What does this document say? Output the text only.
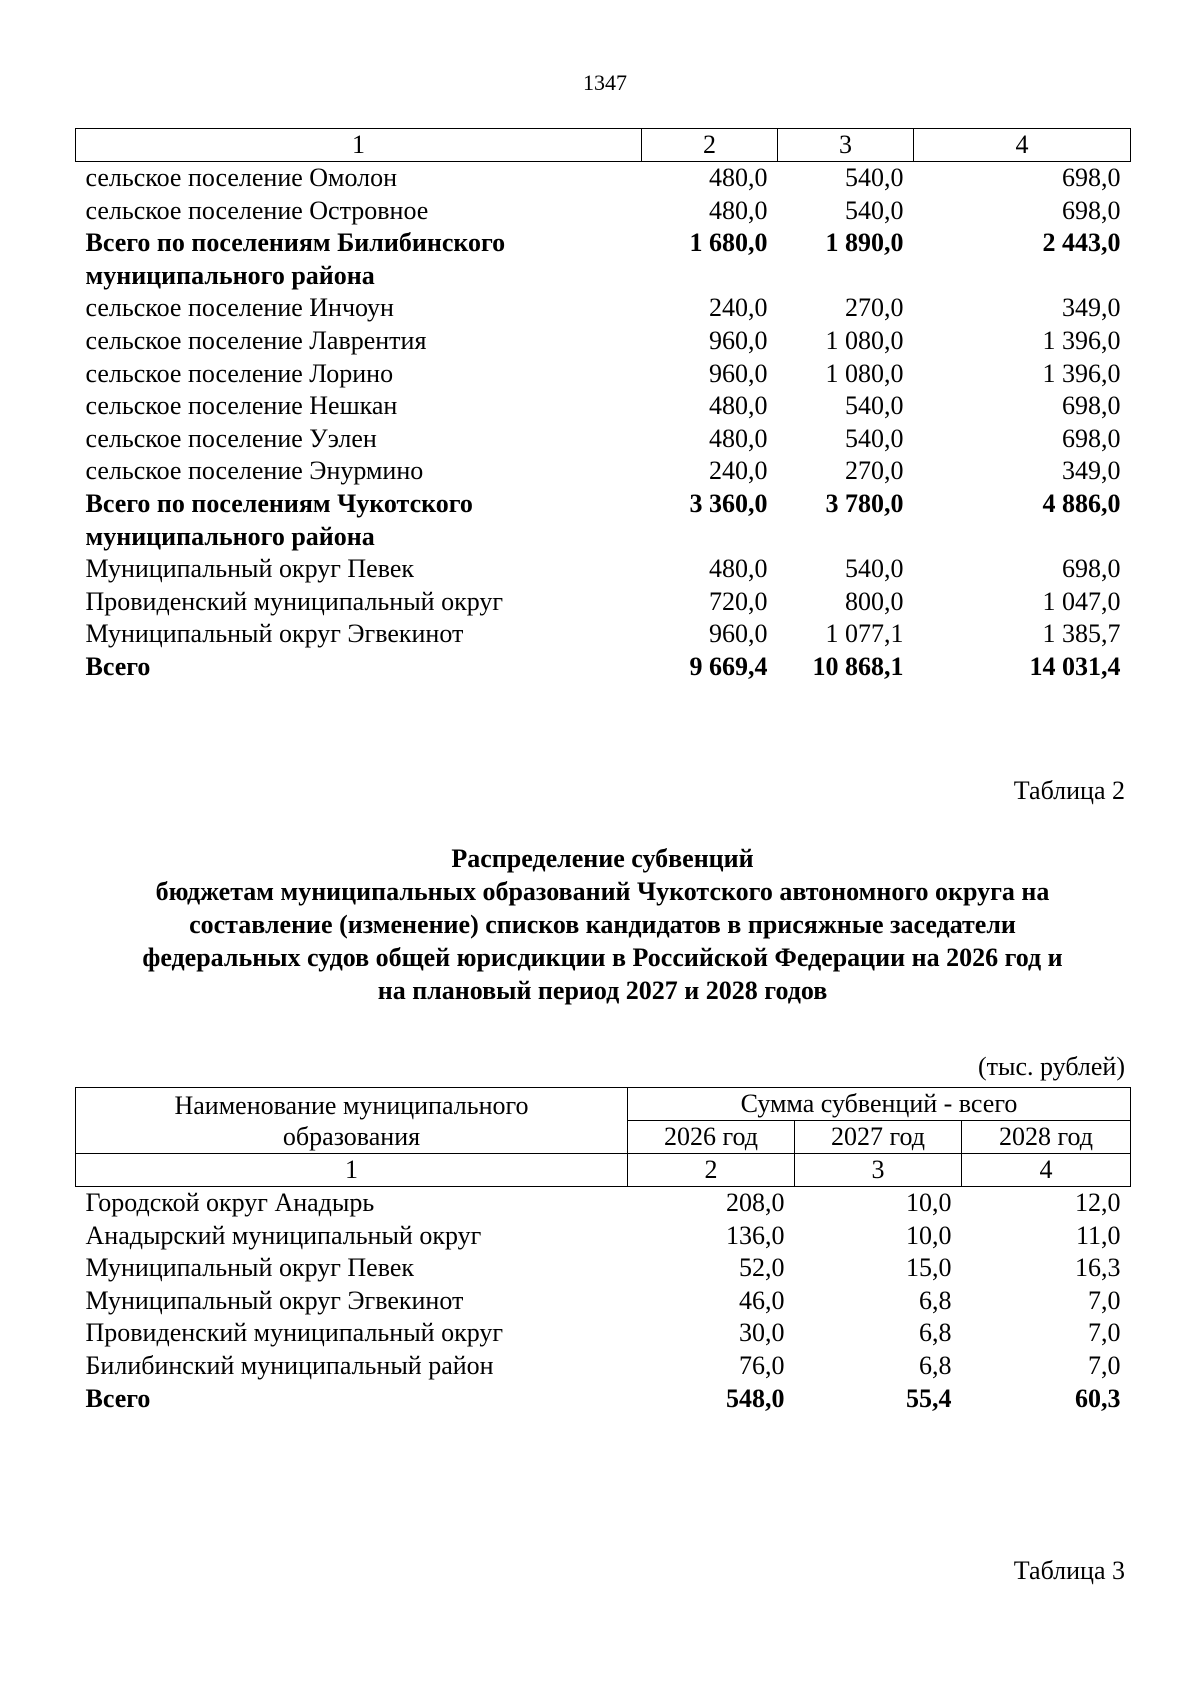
1347
1	2	3	4
сельское поселение Омолон	480,0	540,0	698,0
сельское поселение Островное	480,0	540,0	698,0
Всего по поселениям Билибинского муниципального района	1 680,0	1 890,0	2 443,0
сельское поселение Инчоун	240,0	270,0	349,0
сельское поселение Лаврентия	960,0	1 080,0	1 396,0
сельское поселение Лорино	960,0	1 080,0	1 396,0
сельское поселение Нешкан	480,0	540,0	698,0
сельское поселение Уэлен	480,0	540,0	698,0
сельское поселение Энурмино	240,0	270,0	349,0
Всего по поселениям Чукотского муниципального района	3 360,0	3 780,0	4 886,0
Муниципальный округ Певек	480,0	540,0	698,0
Провиденский муниципальный округ	720,0	800,0	1 047,0
Муниципальный округ Эгвекинот	960,0	1 077,1	1 385,7
Всего	9 669,4	10 868,1	14 031,4
Таблица 2
Распределение субвенций
бюджетам муниципальных образований Чукотского автономного округа на
составление (изменение) списков кандидатов в присяжные заседатели
федеральных судов общей юрисдикции в Российской Федерации на 2026 год и
на плановый период 2027 и 2028 годов
(тыс. рублей)
Наименование муниципального образования	Сумма субвенций - всего		
	2026 год	2027 год	2028 год
1	2	3	4
Городской округ Анадырь	208,0	10,0	12,0
Анадырский муниципальный округ	136,0	10,0	11,0
Муниципальный округ Певек	52,0	15,0	16,3
Муниципальный округ Эгвекинот	46,0	6,8	7,0
Провиденский муниципальный округ	30,0	6,8	7,0
Билибинский муниципальный район	76,0	6,8	7,0
Всего	548,0	55,4	60,3
Таблица 3
